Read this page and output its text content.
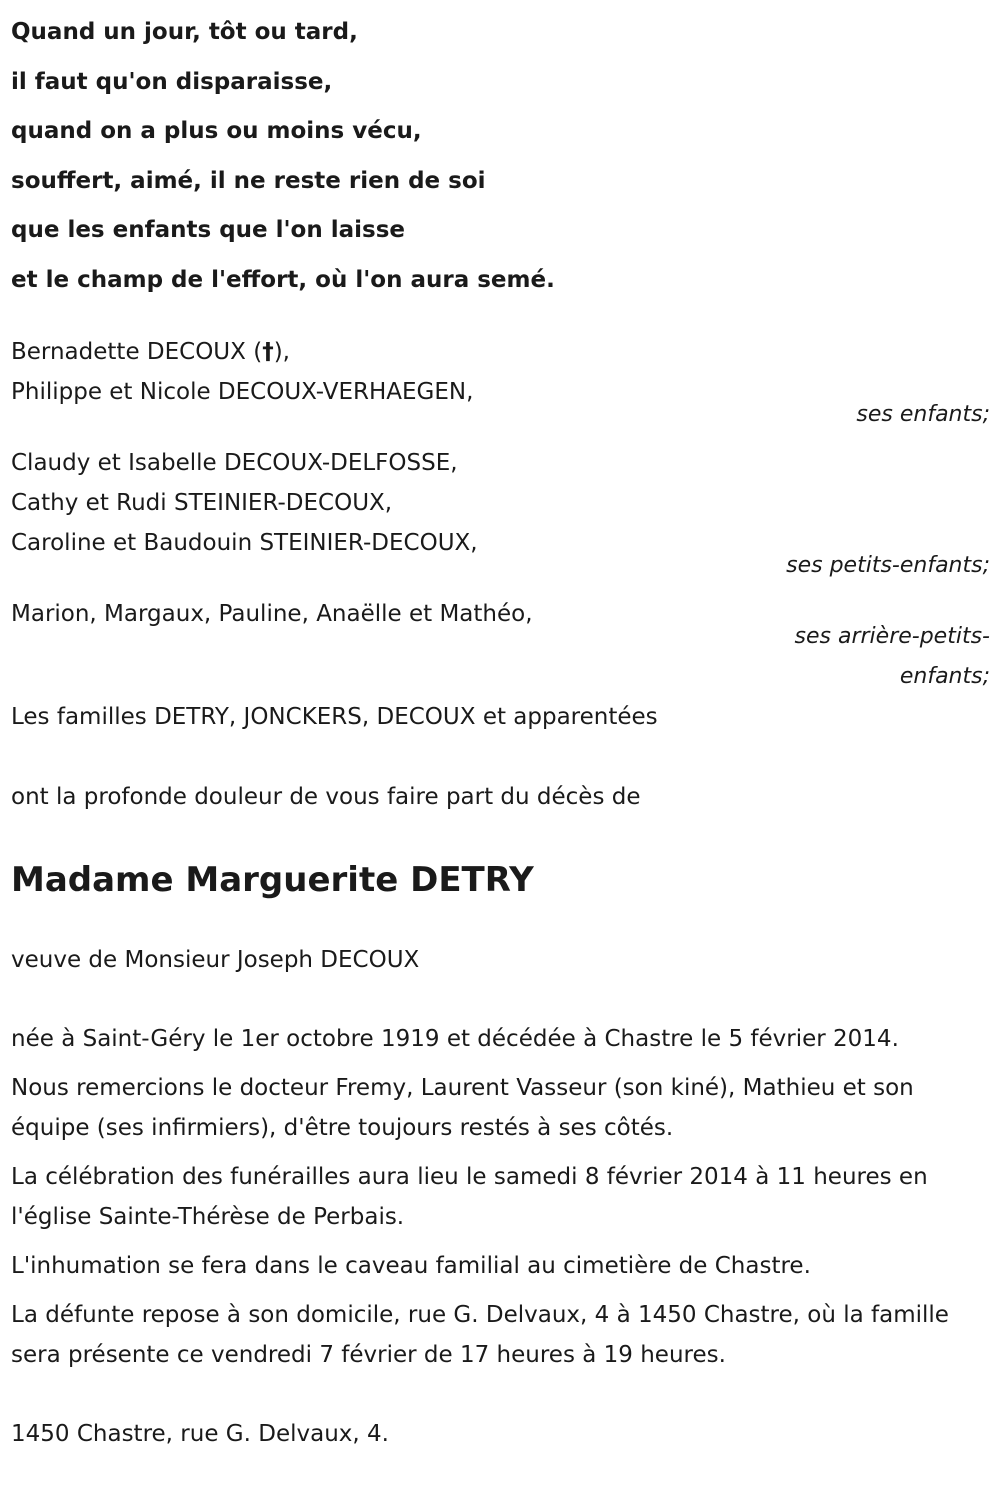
Quand un jour, tôt ou tard,
il faut qu'on disparaisse,
quand on a plus ou moins vécu,
souffert, aimé, il ne reste rien de soi
que les enfants que l'on laisse
et le champ de l'effort, où l'on aura semé.
Bernadette DECOUX (†),
Philippe et Nicole DECOUX-VERHAEGEN,
ses enfants;
Claudy et Isabelle DECOUX-DELFOSSE,
Cathy et Rudi STEINIER-DECOUX,
Caroline et Baudouin STEINIER-DECOUX,
ses petits-enfants;
Marion, Margaux, Pauline, Anaëlle et Mathéo,
ses arrière-petits-
enfants;
Les familles DETRY, JONCKERS, DECOUX et apparentées
ont la profonde douleur de vous faire part du décès de
Madame Marguerite DETRY
veuve de Monsieur Joseph DECOUX
née à Saint-Géry le 1er octobre 1919 et décédée à Chastre le 5 février 2014.
Nous remercions le docteur Fremy, Laurent Vasseur (son kiné), Mathieu et son équipe (ses infirmiers), d'être toujours restés à ses côtés.
La célébration des funérailles aura lieu le samedi 8 février 2014 à 11 heures en l'église Sainte-Thérèse de Perbais.
L'inhumation se fera dans le caveau familial au cimetière de Chastre.
La défunte repose à son domicile, rue G. Delvaux, 4 à 1450 Chastre, où la famille sera présente ce vendredi 7 février de 17 heures à 19 heures.
1450 Chastre, rue G. Delvaux, 4.
